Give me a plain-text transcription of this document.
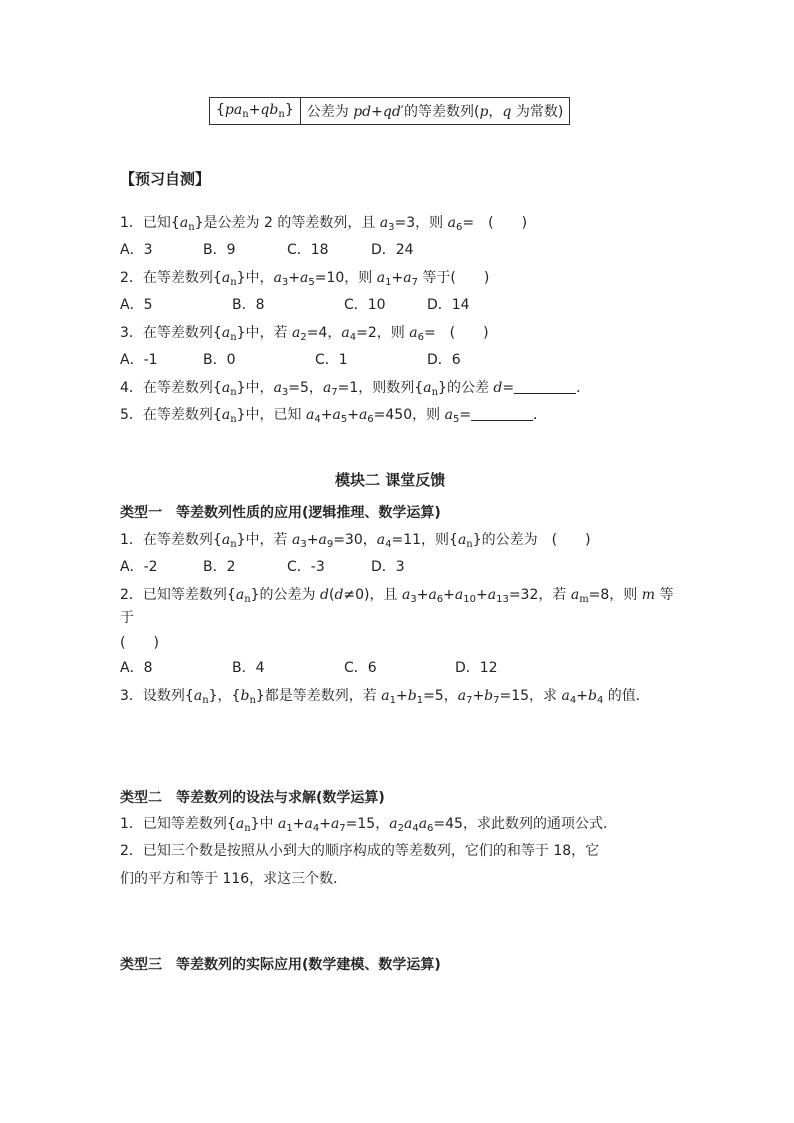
$\{pa_n+qb_n\}$	公差为 pd+qd′的等差数列(p，q 为常数)
【预习自测】
1．已知$\{a_n\}$是公差为 2 的等差数列，且 $a_3=3$，则 $a_6=$　(　　)
A．3	B．9	C．18	D．24
2．在等差数列$\{a_n\}$中，$a_3+a_5=10$，则 $a_1+a_7$ 等于(　　)
A．5	B．8	C．10	D．14
3．在等差数列$\{a_n\}$中，若 $a_2=4$，$a_4=2$，则 $a_6=$　(　　)
A．-1	B．0	C．1	D．6
4．在等差数列$\{a_n\}$中，$a_3=5$，$a_7=1$，则数列$\{a_n\}$的公差 d=	．
5．在等差数列$\{a_n\}$中，已知 $a_4+a_5+a_6=450$，则 $a_5=$	．
模块二 课堂反馈
类型一　等差数列性质的应用(逻辑推理、数学运算)
1．在等差数列$\{a_n\}$中，若 $a_3+a_9=30$，$a_4=11$，则$\{a_n\}$的公差为　(　　)
A．-2	B．2	C．-3	D．3
2．已知等差数列$\{a_n\}$的公差为 d(d≠0)，且 $a_3+a_6+a_{10}+a_{13}=32$，若 $a_m=8$，则 m 等
于
(　　)
A．8	B．4	C．6	D．12
3．设数列$\{a_n\}$，$\{b_n\}$都是等差数列，若 $a_1+b_1=5$，$a_7+b_7=15$，求 $a_4+b_4$ 的值．
类型二　等差数列的设法与求解(数学运算)
1．已知等差数列$\{a_n\}$中 $a_1+a_4+a_7=15$，$a_2a_4a_6=45$，求此数列的通项公式．
2．已知三个数是按照从小到大的顺序构成的等差数列，它们的和等于 18，它
们的平方和等于 116，求这三个数．
类型三　等差数列的实际应用(数学建模、数学运算)
